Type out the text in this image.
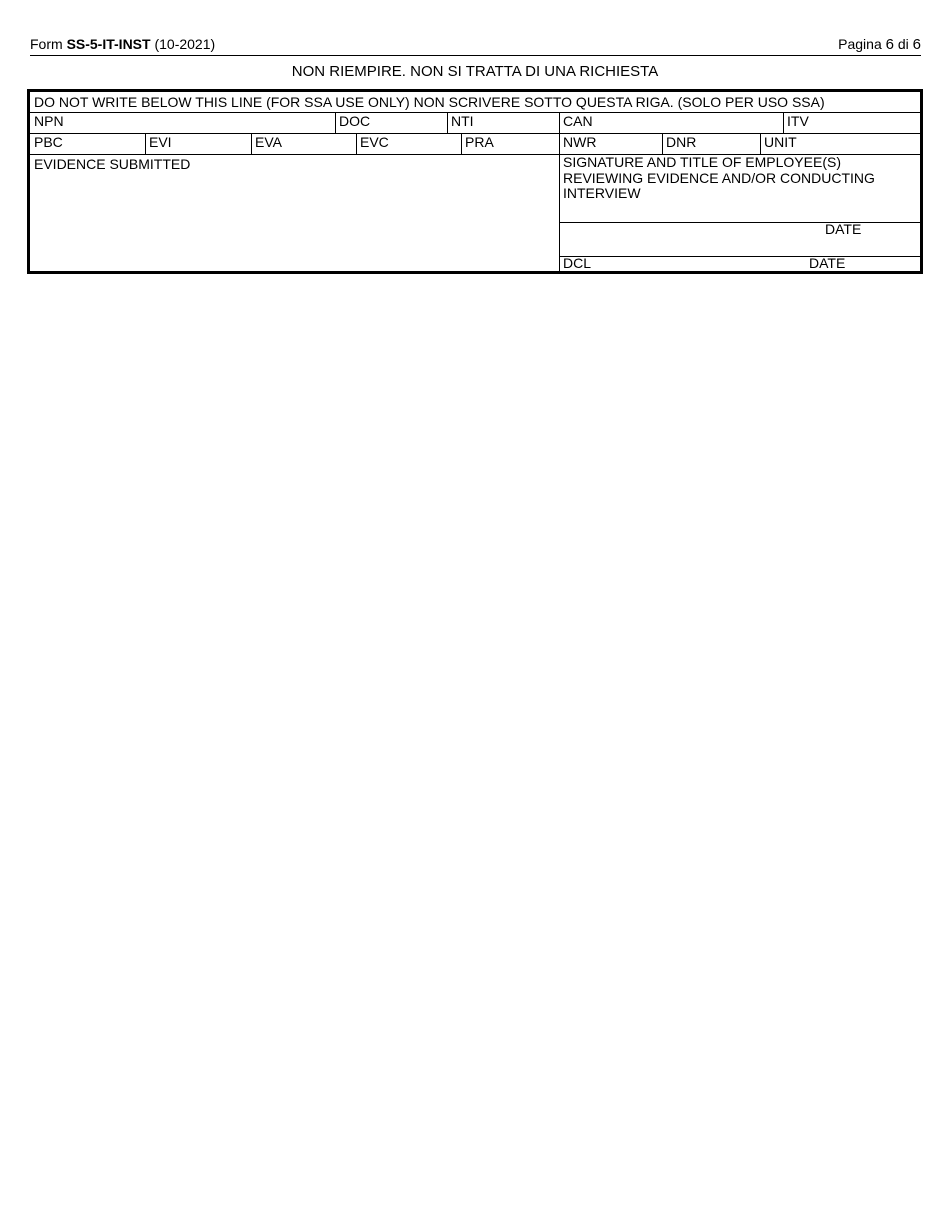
Form SS-5-IT-INST (10-2021)	Pagina 6 di 6
NON RIEMPIRE. NON SI TRATTA DI UNA RICHIESTA
DO NOT WRITE BELOW THIS LINE (FOR SSA USE ONLY) NON SCRIVERE SOTTO QUESTA RIGA. (SOLO PER USO SSA)
NPN	DOC	NTI	CAN	ITV
PBC	EVI	EVA	EVC	PRA	NWR	DNR	UNIT
EVIDENCE SUBMITTED	SIGNATURE AND TITLE OF EMPLOYEE(S) REVIEWING EVIDENCE AND/OR CONDUCTING INTERVIEW
DATE
DCL	DATE
